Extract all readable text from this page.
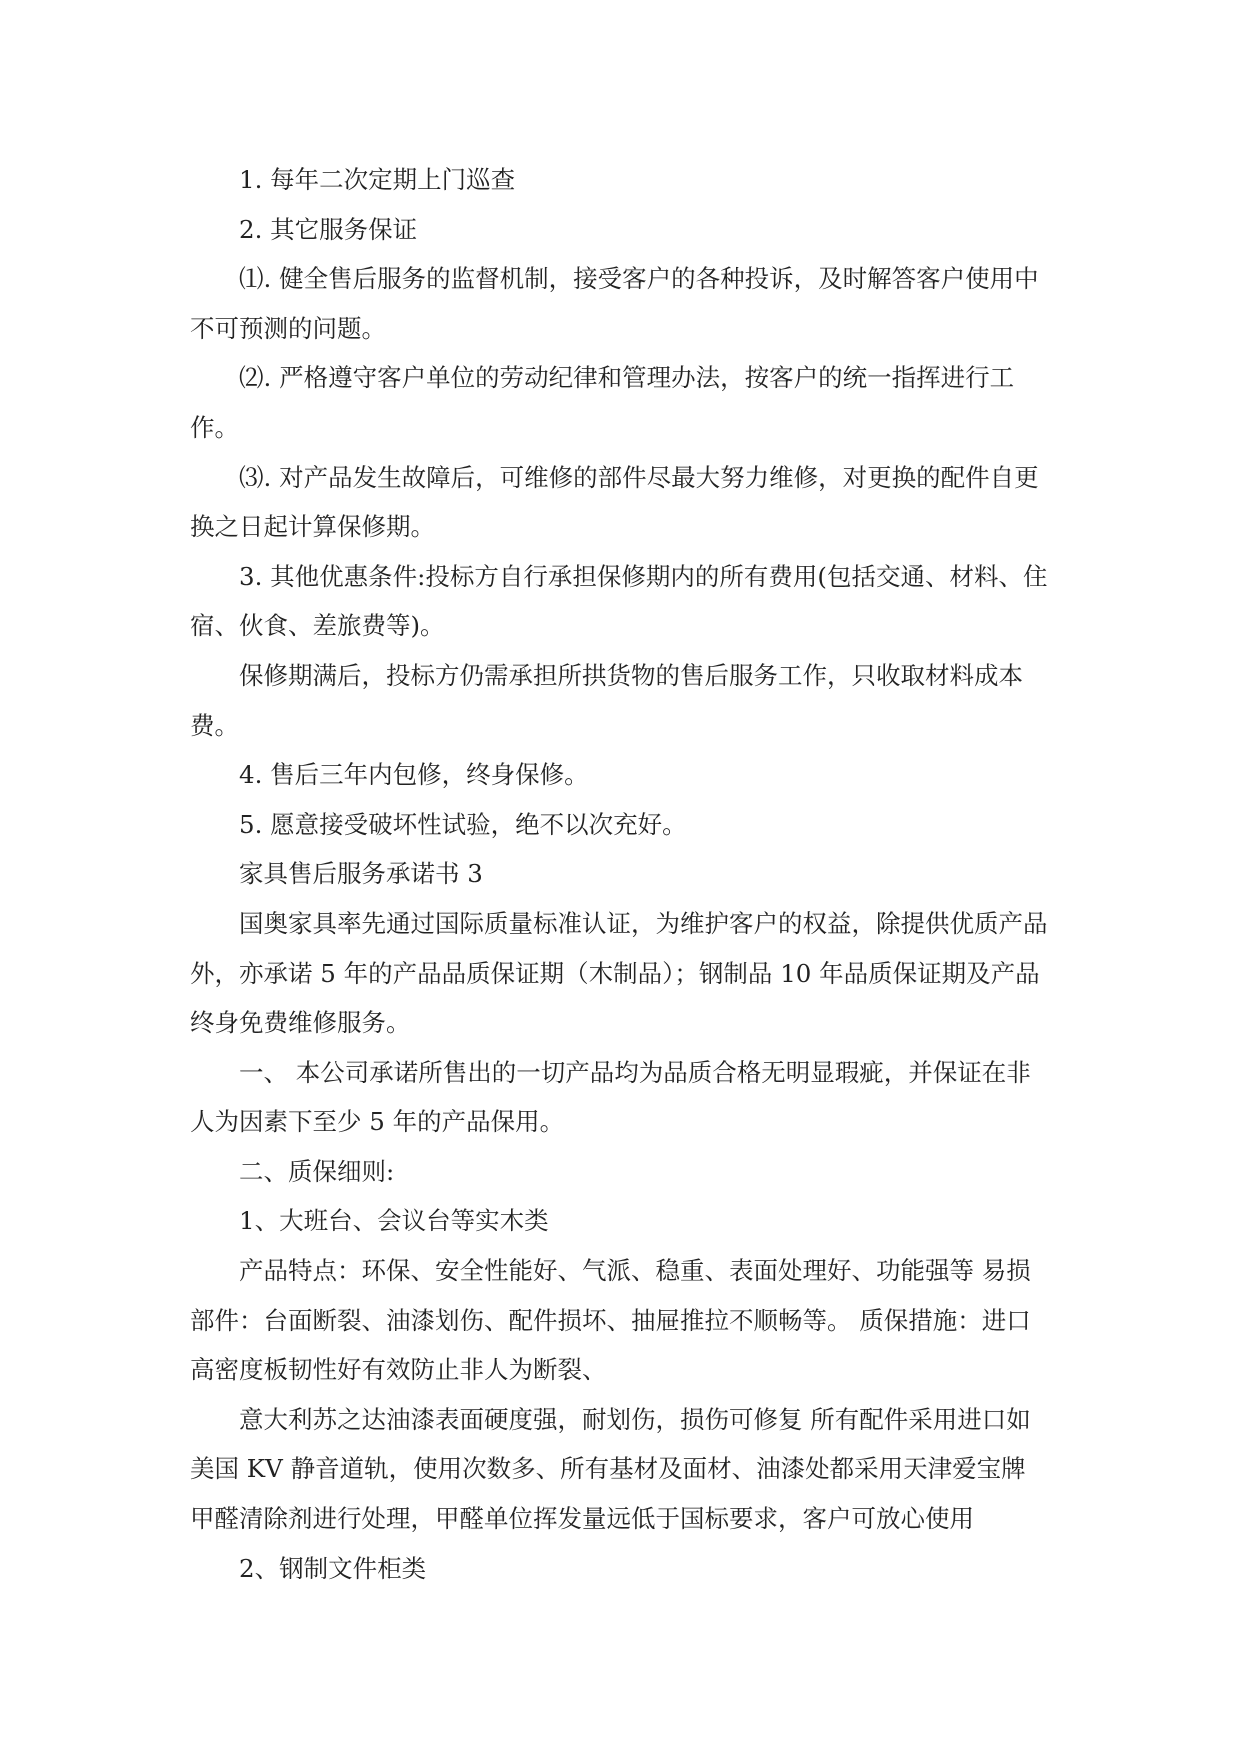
1. 每年二次定期上门巡查

2. 其它服务保证

⑴. 健全售后服务的监督机制，接受客户的各种投诉，及时解答客户使用中不可预测的问题。

⑵. 严格遵守客户单位的劳动纪律和管理办法，按客户的统一指挥进行工作。

⑶. 对产品发生故障后，可维修的部件尽最大努力维修，对更换的配件自更换之日起计算保修期。

3. 其他优惠条件:投标方自行承担保修期内的所有费用(包括交通、材料、住宿、伙食、差旅费等)。

保修期满后，投标方仍需承担所拱货物的售后服务工作，只收取材料成本费。

4. 售后三年内包修，终身保修。

5. 愿意接受破坏性试验，绝不以次充好。

家具售后服务承诺书 3

国奥家具率先通过国际质量标准认证，为维护客户的权益，除提供优质产品外，亦承诺 5 年的产品品质保证期（木制品）；钢制品 10 年品质保证期及产品终身免费维修服务。

一、 本公司承诺所售出的一切产品均为品质合格无明显瑕疵，并保证在非人为因素下至少 5 年的产品保用。

二、质保细则:

1、大班台、会议台等实木类

产品特点：环保、安全性能好、气派、稳重、表面处理好、功能强等 易损部件：台面断裂、油漆划伤、配件损坏、抽屉推拉不顺畅等。 质保措施：进口高密度板韧性好有效防止非人为断裂、

意大利苏之达油漆表面硬度强，耐划伤，损伤可修复 所有配件采用进口如美国 KV 静音道轨，使用次数多、所有基材及面材、油漆处都采用天津爱宝牌甲醛清除剂进行处理，甲醛单位挥发量远低于国标要求，客户可放心使用

2、钢制文件柜类
